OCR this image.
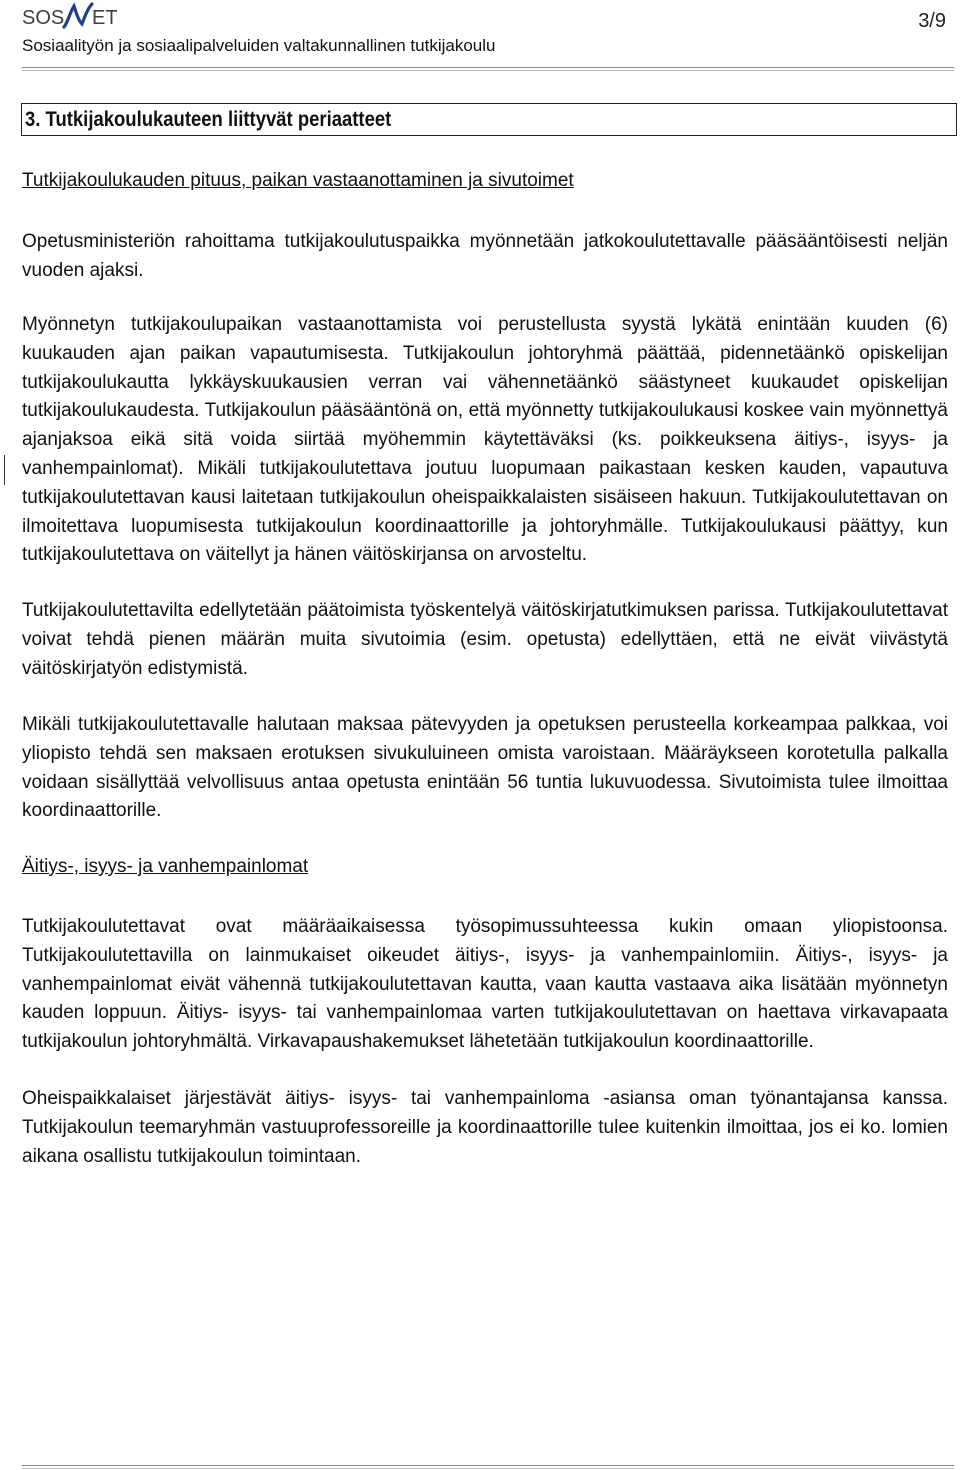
SOS ET	3/9
Sosiaalityön ja sosiaalipalveluiden valtakunnallinen tutkijakoulu
3. Tutkijakoulukauteen liittyvät periaatteet
Tutkijakoulukauden pituus, paikan vastaanottaminen ja sivutoimet
Opetusministeriön rahoittama tutkijakoulutuspaikka myönnetään jatkokoulutettavalle pääsääntöisesti neljän vuoden ajaksi.
Myönnetyn tutkijakoulupaikan vastaanottamista voi perustellusta syystä lykätä enintään kuuden (6) kuukauden ajan paikan vapautumisesta. Tutkijakoulun johtoryhmä päättää, pidennetäänkö opiskelijan tutkijakoulukautta lykkäyskuukausien verran vai vähennetäänkö säästyneet kuukaudet opiskelijan tutkijakoulukaudesta. Tutkijakoulun pääsääntönä on, että myönnetty tutkijakoulukausi koskee vain myönnettyä ajanjaksoa eikä sitä voida siirtää myöhemmin käytettäväksi (ks. poikkeuksena äitiys-, isyys- ja vanhempainlomat). Mikäli tutkijakoulutettava joutuu luopumaan paikastaan kesken kauden, vapautuva tutkijakoulutettavan kausi laitetaan tutkijakoulun oheispaikkalaisten sisäiseen hakuun. Tutkijakoulutettavan on ilmoitettava luopumisesta tutkijakoulun koordinaattorille ja johtoryhmälle. Tutkijakoulukausi päättyy, kun tutkijakoulutettava on väitellyt ja hänen väitöskirjansa on arvosteltu.
Tutkijakoulutettavilta edellytetään päätoimista työskentelyä väitöskirjatutkimuksen parissa. Tutkijakoulutettavat voivat tehdä pienen määrän muita sivutoimia (esim. opetusta) edellyttäen, että ne eivät viivästytä väitöskirjatyön edistymistä.
Mikäli tutkijakoulutettavalle halutaan maksaa pätevyyden ja opetuksen perusteella korkeampaa palkkaa, voi yliopisto tehdä sen maksaen erotuksen sivukuluineen omista varoistaan. Määräykseen korotetulla palkalla voidaan sisällyttää velvollisuus antaa opetusta enintään 56 tuntia lukuvuodessa. Sivutoimista tulee ilmoittaa koordinaattorille.
Äitiys-, isyys- ja vanhempainlomat
Tutkijakoulutettavat ovat määräaikaisessa työsopimussuhteessa kukin omaan yliopistoonsa. Tutkijakoulutettavilla on lainmukaiset oikeudet äitiys-, isyys- ja vanhempainlomiin. Äitiys-, isyys- ja vanhempainlomat eivät vähennä tutkijakoulutettavan kautta, vaan kautta vastaava aika lisätään myönnetyn kauden loppuun. Äitiys- isyys- tai vanhempainlomaa varten tutkijakoulutettavan on haettava virkavapaata tutkijakoulun johtoryhmältä. Virkavapaushakemukset lähetetään tutkijakoulun koordinaattorille.
Oheispaikkalaiset järjestävät äitiys- isyys- tai vanhempainloma -asiansa oman työnantajansa kanssa. Tutkijakoulun teemaryhmän vastuuprofessoreille ja koordinaattorille tulee kuitenkin ilmoittaa, jos ei ko. lomien aikana osallistu tutkijakoulun toimintaan.
